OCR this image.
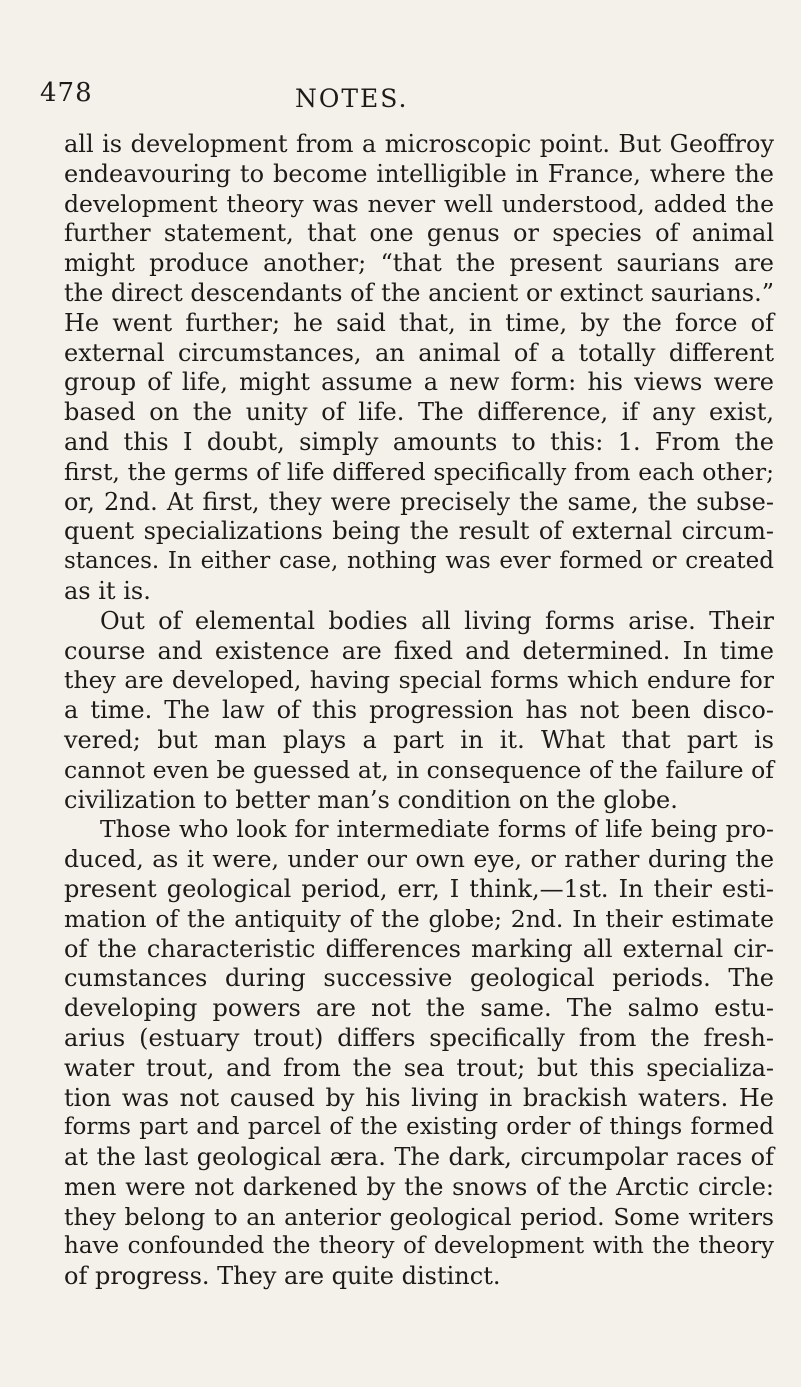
478	NOTES.
all is development from a microscopic point. But Geoffroy
endeavouring to become intelligible in France, where the
development theory was never well understood, added the
further statement, that one genus or species of animal
might produce another; “that the present saurians are
the direct descendants of the ancient or extinct saurians.”
He went further; he said that, in time, by the force of
external circumstances, an animal of a totally different
group of life, might assume a new form: his views were
based on the unity of life. The difference, if any exist,
and this I doubt, simply amounts to this: 1. From the
first, the germs of life differed specifically from each other;
or, 2nd. At first, they were precisely the same, the subse-
quent specializations being the result of external circum-
stances. In either case, nothing was ever formed or created
as it is.
Out of elemental bodies all living forms arise. Their
course and existence are fixed and determined. In time
they are developed, having special forms which endure for
a time. The law of this progression has not been disco-
vered; but man plays a part in it. What that part is
cannot even be guessed at, in consequence of the failure of
civilization to better man’s condition on the globe.
Those who look for intermediate forms of life being pro-
duced, as it were, under our own eye, or rather during the
present geological period, err, I think,—1st. In their esti-
mation of the antiquity of the globe; 2nd. In their estimate
of the characteristic differences marking all external cir-
cumstances during successive geological periods. The
developing powers are not the same. The salmo estu-
arius (estuary trout) differs specifically from the fresh-
water trout, and from the sea trout; but this specializa-
tion was not caused by his living in brackish waters. He
forms part and parcel of the existing order of things formed
at the last geological æra. The dark, circumpolar races of
men were not darkened by the snows of the Arctic circle:
they belong to an anterior geological period. Some writers
have confounded the theory of development with the theory
of progress. They are quite distinct.
